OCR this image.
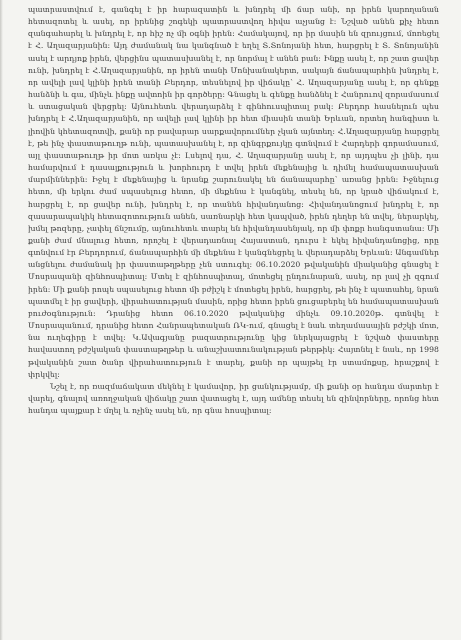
պատրաստվում է, գանգել է իր հարազատին և խնդրել մի ճար անի, որ իրեն կարողանան հետազոտել և ասել, որ իրենից շոգեկի պատրաստվող հիվա աչյանց է: Նշված անեն քիչ հետո զանգահարել և խնդրել է, որ հիշ ոչ մի օգնի իրեն: Համակայով, որ իր մասին են զրույցում, մոռեցել է Հ. Աղազարյանին: Այդ ժամանակ նա կանգնած է եղել Տ.Տոնոյանի հետ, հարցրել է Տ. Տոնոյանին ասել է արդյոք իրեն, վերցինս պատասխանել է, որ նորմալ է անեն բան: Ինքը ասել է, որ շատ ցավեր ունի, խնդրել է Հ.Աղազարյանին, որ իրեն տանի Մոնխանակերտ, սակայն ճանապարհին խնդրել է, որ ավելի լավ կլինի իրեն տանի Բերդոր, տեսնելով իր վիճակը՝ Հ. Աղազարյանը ասել է, որ գենքը հանձնի և գա, մինչև ինքը ավտոին իր գործերը: Գնացել և գենքը հանձնել է Հանրուով զորամասում և ստացական վերցրել: Այնուհետև վերադարձել է գինհուսպիտալ բակ: Բերդոր հասնելուն պես խնդրել է Հ.Աղազարյանին, որ ավելի լավ կլինի իր հետ միասին տանի Երևան, որտեղ հանգիստ և լիովին կհետազոտվի, քանի որ բավարար սարքավորումներ չկան այնտեղ: Հ.Աղազարյանը հարցրել է, թե ինչ փաստաթուղթ ունի, պատասխանել է, որ զինգրքույկը գտնվում է Հարդերի գորամասում, այլ փաստաթուղթ իր մոտ առկա չէ: Լսելով դա, Հ. Աղազարյանը ասել է, որ այդպես չի լինի, դա համարվում է դասալքություն և խորհուրդ է տվել իրեն մեքենայից և դիմել համապատասխան մարմիններին: Իջել է մեքենայից և նրանք շարունակել են ճանապարհը՝ առանց իրեն: Իջնելուց հետո, մի երկու ժամ սպասելուց հետո, մի մեքենա է կանգնել, տեսել են, որ կրած վիճակում է, հարցրել է, որ ցավեր ունի, խնդրել է, որ տանեն հիվանդանոց: Հիվանդանոցում խնդրել է, որ զասարապակիկ հետազոտություն անեն, սառնարկի հետ կապված, իրեն դեղեր են տվել, ներարկել, խմել թոզերը, չափել ճնշումը, այնուհետև տարել են հիվանդասենյակ, որ մի փոքր հանգստանա: Մի քանի ժամ մնալուց հետո, որոշել է վերադառնալ Հայաստան, դուրս է եկել հիվանդանոցից, որը գտնվում էր Բերդորում, ճանապարհին մի մեքենա է կանգնեցրել և վերադարձել Երևան: Անգամներ անցնելու ժամանակ իր փաստաթղթերը չեն ստուգել: 06.10.2020 թվականին միականից գնացել է Մոսրապանի զինհոսպիտալ: Մտել է զինհոսպիտալ, մոտեցել ընդունարան, ասել, որ լավ չի զգում իրեն: Մի քանի րոպե սպասելուց հետո մի բժիշկ է մոտեցել իրեն, հարցրել, թե ինչ է պատահել, նրան պատմել է իր ցավերի, վիրահատության մասին, որից հետո իրեն ցուցաբերել են համապատասխան բուժօգնություն: Դրանից հետո 06.10.2020 թվականից մինչև 09.10.2020թ. գտնվել է Մոսրապանում, դրանից հետո Հանրապետական ՌԿ-ում, գնացել է նաև տեղամասային բժշկի մոտ, նա ուղեգիրը է տվել: Կ.Ավագյանը բազատրությունը կից ներկայացրել է նշված փաստերը հավաստող բժշկական փաստաթղթեր և անաշխատունակության թերթիկ: Հայտնել է նաև, որ 1998 թվականին շատ ծանր վիրահատություն է տարել, քանի որ պայթել էր ստամոքսը, հրաշքով է փրկվել:

Նշել է, որ ռազմաճակատ մեկնել է կամավոր, իր ցանկությամբ, մի քանի օր հանդա մարտեր է վարել, գնալով առողջական վիճակը շատ վատացել է, այդ ամենը տեսել են զինվորները, որոնց հետ հանդա պայքար է մղել և ոչինչ ասել են, որ գնա հոսպիտալ:
